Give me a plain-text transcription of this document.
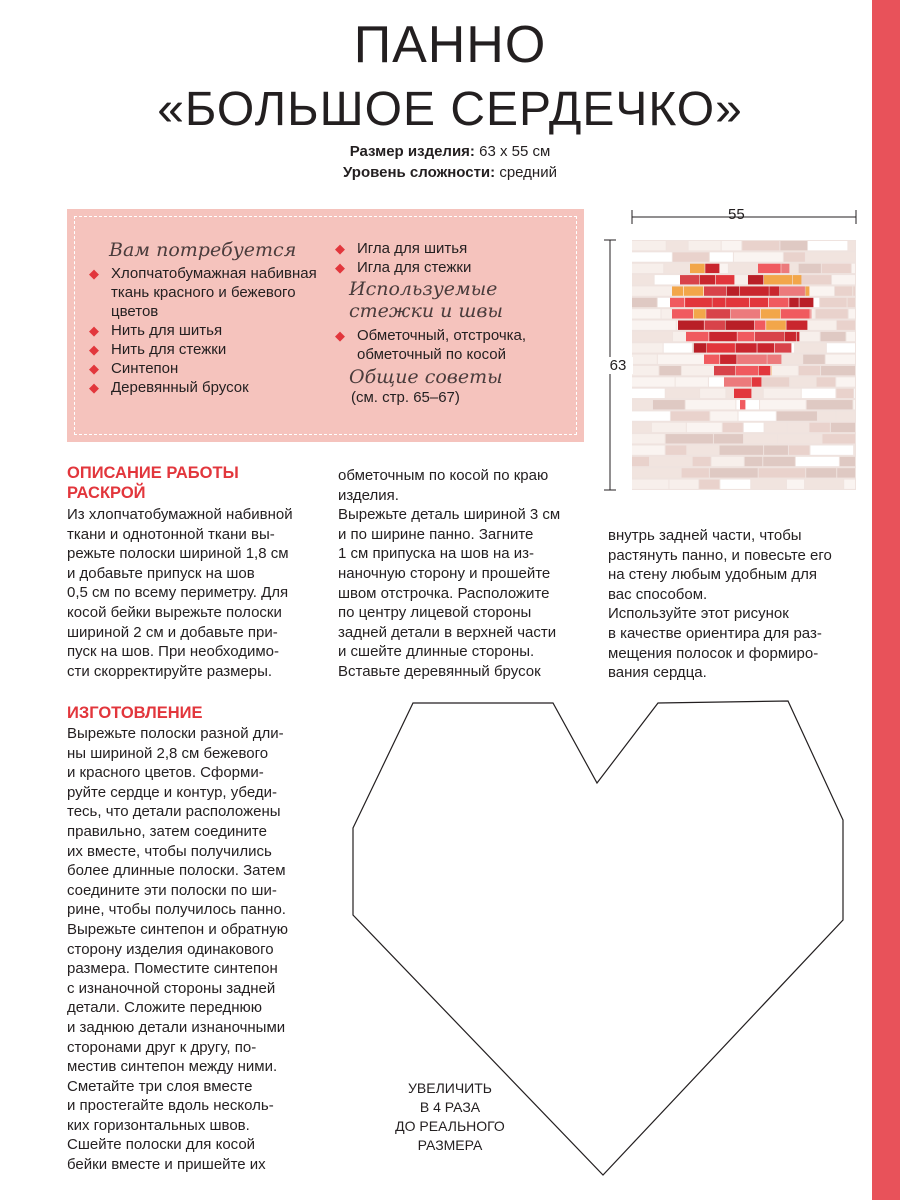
ПАННО
«БОЛЬШОЕ СЕРДЕЧКО»
Размер изделия: 63 х 55 см
Уровень сложности: средний
Вам потребуется
◆ Хлопчатобумажная набивная ткань красного и бежевого цветов
◆ Нить для шитья
◆ Нить для стежки
◆ Синтепон
◆ Деревянный брусок
◆ Игла для шитья
◆ Игла для стежки
Используемые стежки и швы
◆ Обметочный, отстрочка, обметочный по косой
Общие советы
(см. стр. 65–67)
55
63
ОПИСАНИЕ РАБОТЫ
РАСКРОЙ
Из хлопчатобумажной набивной
ткани и однотонной ткани вы-
режьте полоски шириной 1,8 см
и добавьте припуск на шов
0,5 см по всему периметру. Для
косой бейки вырежьте полоски
шириной 2 см и добавьте при-
пуск на шов. При необходимо-
сти скорректируйте размеры.
ИЗГОТОВЛЕНИЕ
Вырежьте полоски разной дли-
ны шириной 2,8 см бежевого
и красного цветов. Сформи-
руйте сердце и контур, убеди-
тесь, что детали расположены
правильно, затем соедините
их вместе, чтобы получились
более длинные полоски. Затем
соедините эти полоски по ши-
рине, чтобы получилось панно.
Вырежьте синтепон и обратную
сторону изделия одинакового
размера. Поместите синтепон
с изнаночной стороны задней
детали. Сложите переднюю
и заднюю детали изнаночными
сторонами друг к другу, по-
местив синтепон между ними.
Сметайте три слоя вместе
и простегайте вдоль несколь-
ких горизонтальных швов.
Сшейте полоски для косой
бейки вместе и пришейте их
обметочным по косой по краю
изделия.
Вырежьте деталь шириной 3 см
и по ширине панно. Загните
1 см припуска на шов на из-
наночную сторону и прошейте
швом отстрочка. Расположите
по центру лицевой стороны
задней детали в верхней части
и сшейте длинные стороны.
Вставьте деревянный брусок
внутрь задней части, чтобы
растянуть панно, и повесьте его
на стену любым удобным для
вас способом.
Используйте этот рисунок
в качестве ориентира для раз-
мещения полосок и формиро-
вания сердца.
УВЕЛИЧИТЬ
В 4 РАЗА
ДО РЕАЛЬНОГО
РАЗМЕРА
